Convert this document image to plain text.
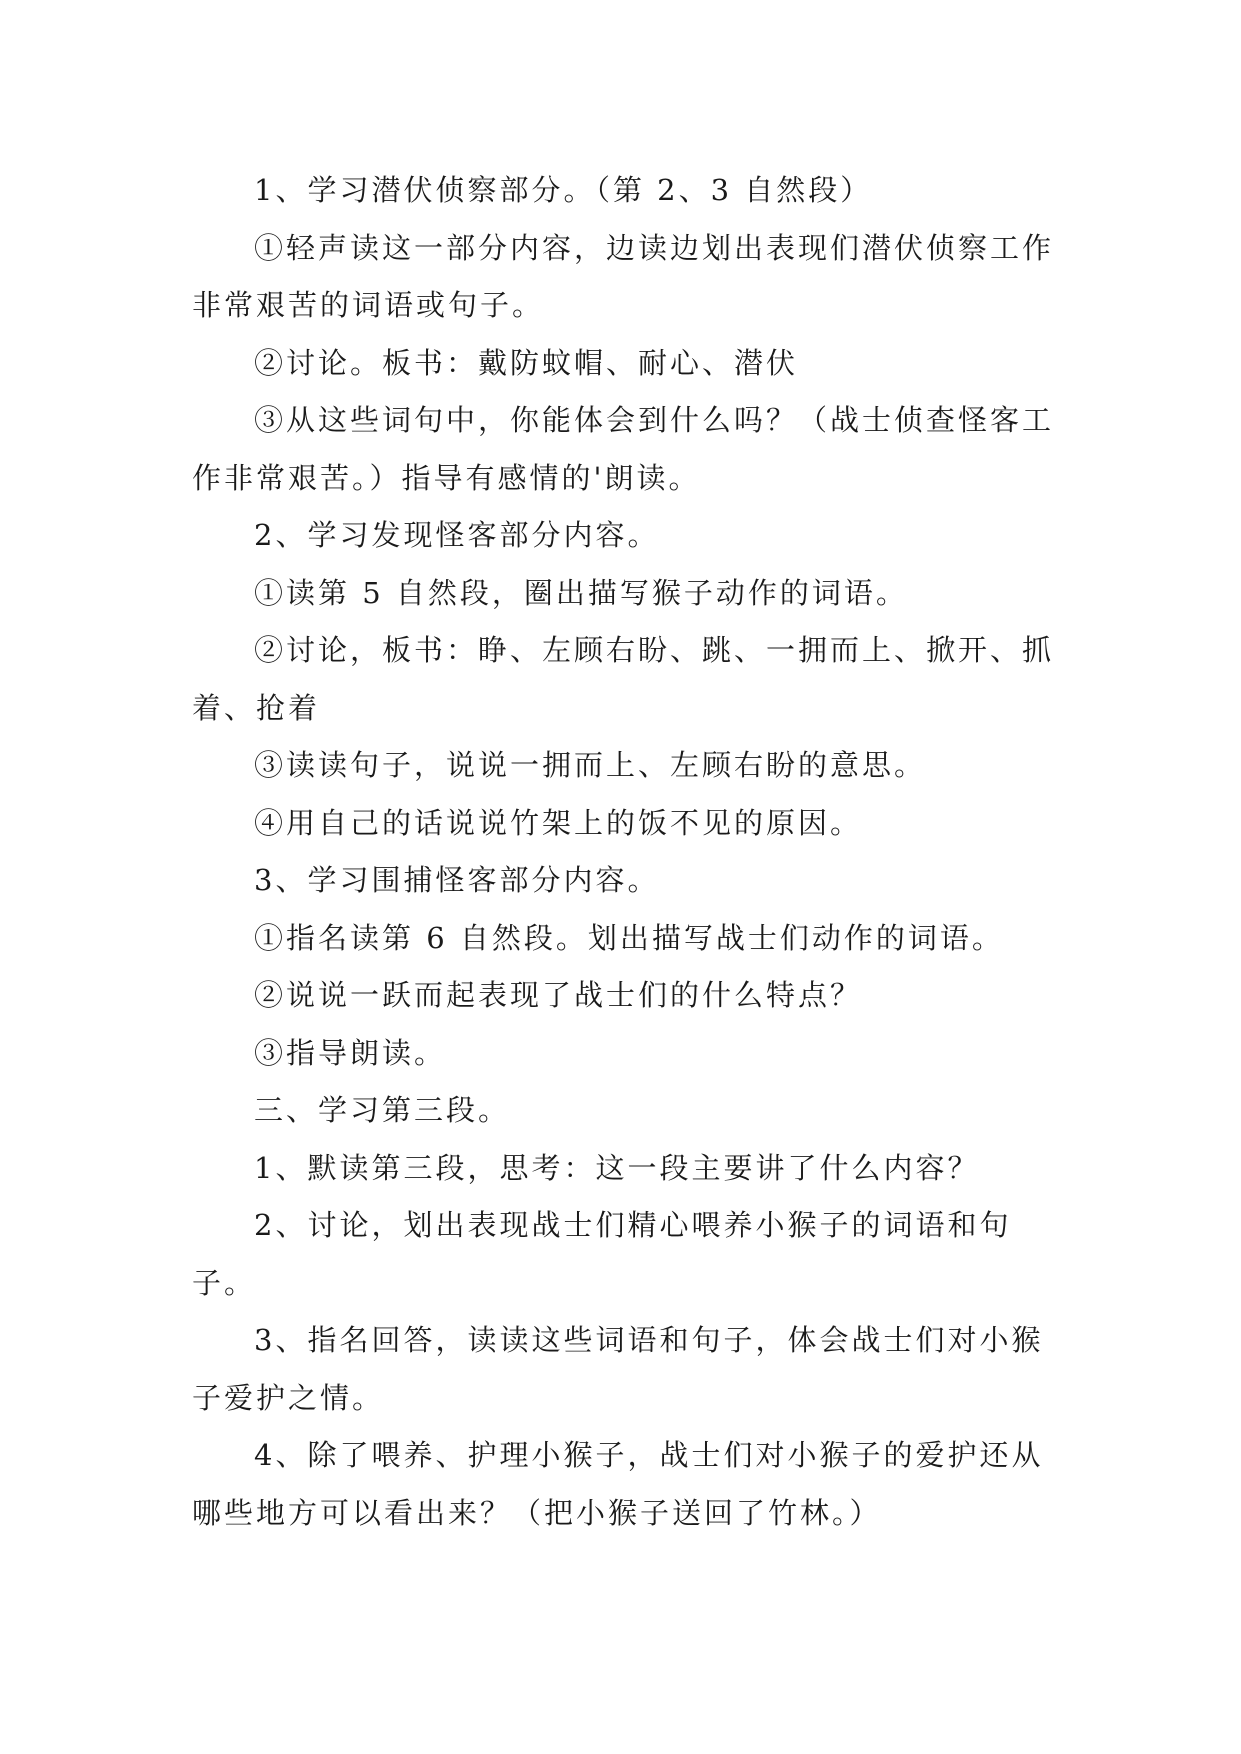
1、学习潜伏侦察部分。（第 2、3 自然段）

①轻声读这一部分内容，边读边划出表现们潜伏侦察工作非常艰苦的词语或句子。

②讨论。板书：戴防蚊帽、耐心、潜伏

③从这些词句中，你能体会到什么吗？（战士侦查怪客工作非常艰苦。）指导有感情的'朗读。

2、学习发现怪客部分内容。

①读第 5 自然段，圈出描写猴子动作的词语。

②讨论，板书：睁、左顾右盼、跳、一拥而上、掀开、抓着、抢着

③读读句子，说说一拥而上、左顾右盼的意思。

④用自己的话说说竹架上的饭不见的原因。

3、学习围捕怪客部分内容。

①指名读第 6 自然段。划出描写战士们动作的词语。

②说说一跃而起表现了战士们的什么特点？

③指导朗读。

三、学习第三段。

1、默读第三段，思考：这一段主要讲了什么内容？

2、讨论，划出表现战士们精心喂养小猴子的词语和句子。

3、指名回答，读读这些词语和句子，体会战士们对小猴子爱护之情。

4、除了喂养、护理小猴子，战士们对小猴子的爱护还从哪些地方可以看出来？（把小猴子送回了竹林。）
